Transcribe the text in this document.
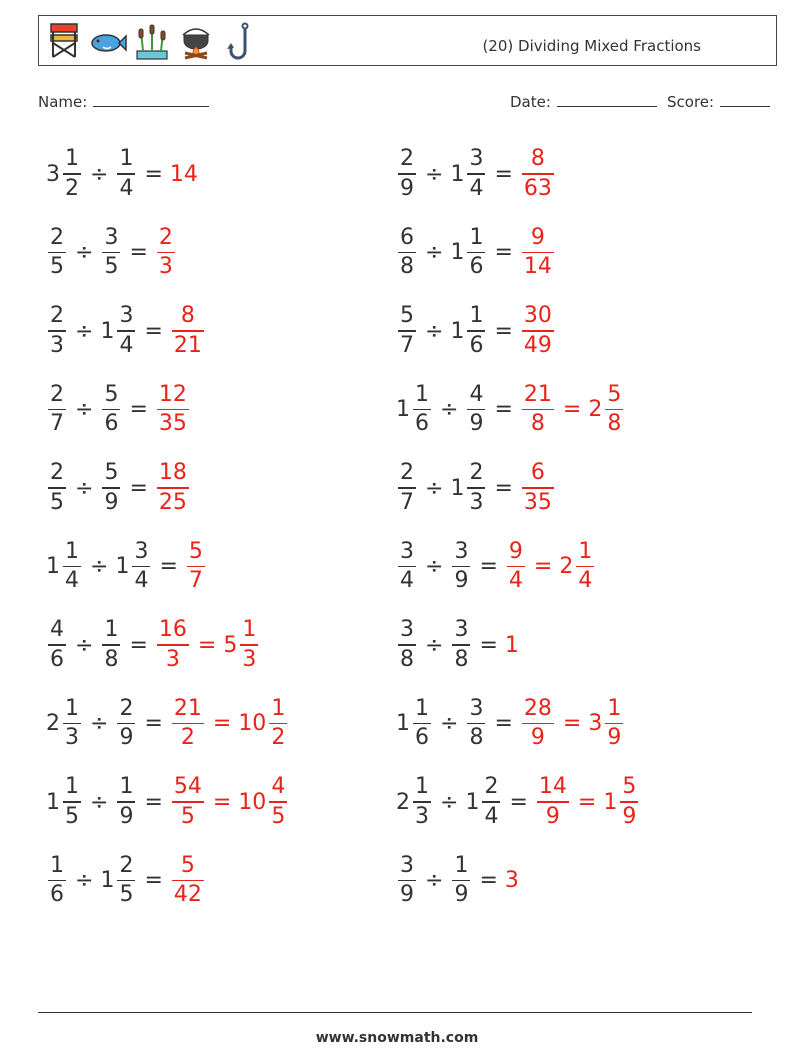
(20) Dividing Mixed Fractions
Name:	Date:	Score:
$3 \frac{1}{2} \div \frac{1}{4} = 14$	$\frac{2}{9} \div 1 \frac{3}{4} = \frac{8}{63}$
$\frac{2}{5} \div \frac{3}{5} = \frac{2}{3}$	$\frac{6}{8} \div 1 \frac{1}{6} = \frac{9}{14}$
$\frac{2}{3} \div 1 \frac{3}{4} = \frac{8}{21}$	$\frac{5}{7} \div 1 \frac{1}{6} = \frac{30}{49}$
$\frac{2}{7} \div \frac{5}{6} = \frac{12}{35}$	$1 \frac{1}{6} \div \frac{4}{9} = \frac{21}{8} = 2 \frac{5}{8}$
$\frac{2}{5} \div \frac{5}{9} = \frac{18}{25}$	$\frac{2}{7} \div 1 \frac{2}{3} = \frac{6}{35}$
$1 \frac{1}{4} \div 1 \frac{3}{4} = \frac{5}{7}$	$\frac{3}{4} \div \frac{3}{9} = \frac{9}{4} = 2 \frac{1}{4}$
$\frac{4}{6} \div \frac{1}{8} = \frac{16}{3} = 5 \frac{1}{3}$	$\frac{3}{8} \div \frac{3}{8} = 1$
$2 \frac{1}{3} \div \frac{2}{9} = \frac{21}{2} = 10 \frac{1}{2}$	$1 \frac{1}{6} \div \frac{3}{8} = \frac{28}{9} = 3 \frac{1}{9}$
$1 \frac{1}{5} \div \frac{1}{9} = \frac{54}{5} = 10 \frac{4}{5}$	$2 \frac{1}{3} \div 1 \frac{2}{4} = \frac{14}{9} = 1 \frac{5}{9}$
$\frac{1}{6} \div 1 \frac{2}{5} = \frac{5}{42}$	$\frac{3}{9} \div \frac{1}{9} = 3$
www.snowmath.com
